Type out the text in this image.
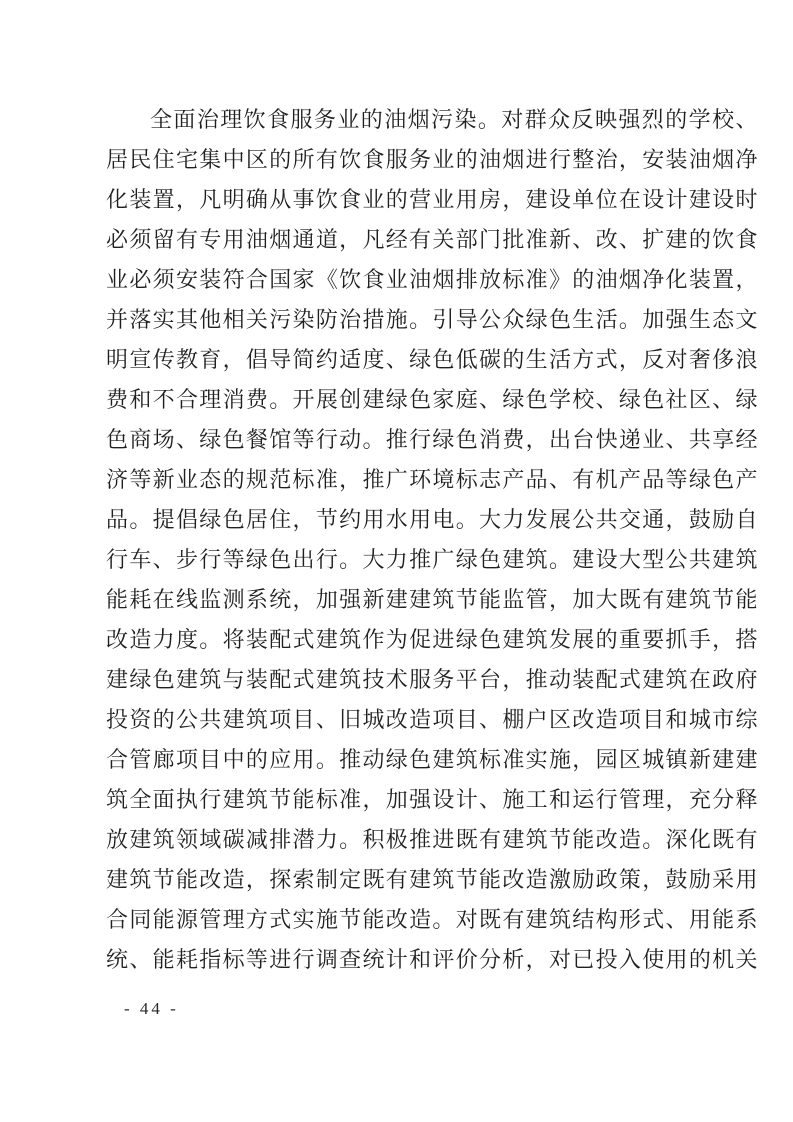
全面治理饮食服务业的油烟污染。对群众反映强烈的学校、
居民住宅集中区的所有饮食服务业的油烟进行整治，安装油烟净
化装置，凡明确从事饮食业的营业用房，建设单位在设计建设时
必须留有专用油烟通道，凡经有关部门批准新、改、扩建的饮食
业必须安装符合国家《饮食业油烟排放标准》的油烟净化装置，
并落实其他相关污染防治措施。引导公众绿色生活。加强生态文
明宣传教育，倡导简约适度、绿色低碳的生活方式，反对奢侈浪
费和不合理消费。开展创建绿色家庭、绿色学校、绿色社区、绿
色商场、绿色餐馆等行动。推行绿色消费，出台快递业、共享经
济等新业态的规范标准，推广环境标志产品、有机产品等绿色产
品。提倡绿色居住，节约用水用电。大力发展公共交通，鼓励自
行车、步行等绿色出行。大力推广绿色建筑。建设大型公共建筑
能耗在线监测系统，加强新建建筑节能监管，加大既有建筑节能
改造力度。将装配式建筑作为促进绿色建筑发展的重要抓手，搭
建绿色建筑与装配式建筑技术服务平台，推动装配式建筑在政府
投资的公共建筑项目、旧城改造项目、棚户区改造项目和城市综
合管廊项目中的应用。推动绿色建筑标准实施，园区城镇新建建
筑全面执行建筑节能标准，加强设计、施工和运行管理，充分释
放建筑领域碳减排潜力。积极推进既有建筑节能改造。深化既有
建筑节能改造，探索制定既有建筑节能改造激励政策，鼓励采用
合同能源管理方式实施节能改造。对既有建筑结构形式、用能系
统、能耗指标等进行调查统计和评价分析，对已投入使用的机关
- 44 -
